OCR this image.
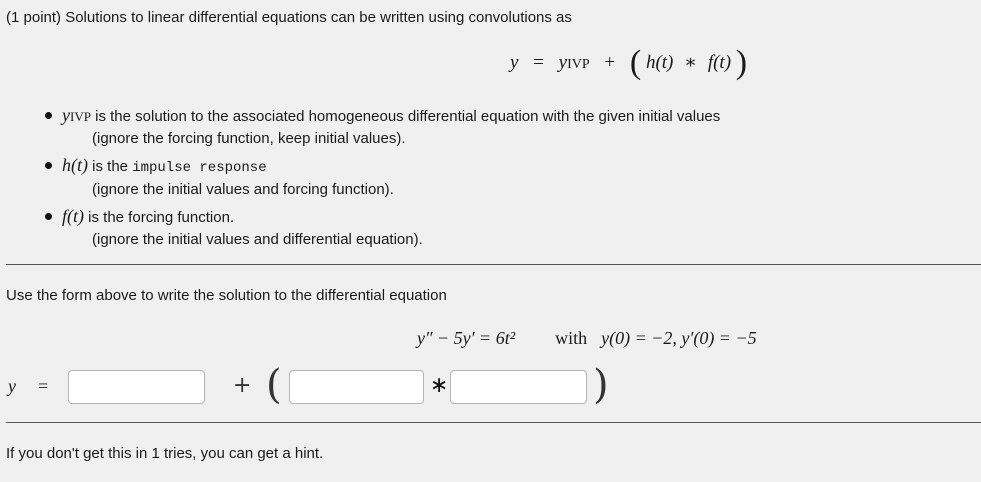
(1 point) Solutions to linear differential equations can be written using convolutions as
y = yIVP + ( h(t) ∗ f(t) )
yIVP is the solution to the associated homogeneous differential equation with the given initial values
(ignore the forcing function, keep initial values).
h(t) is the impulse response
(ignore the initial values and forcing function).
f(t) is the forcing function.
(ignore the initial values and differential equation).
Use the form above to write the solution to the differential equation
y″ − 5y′ = 6t² with y(0) = −2, y′(0) = −5
y =	+ (	∗	)
If you don't get this in 1 tries, you can get a hint.
